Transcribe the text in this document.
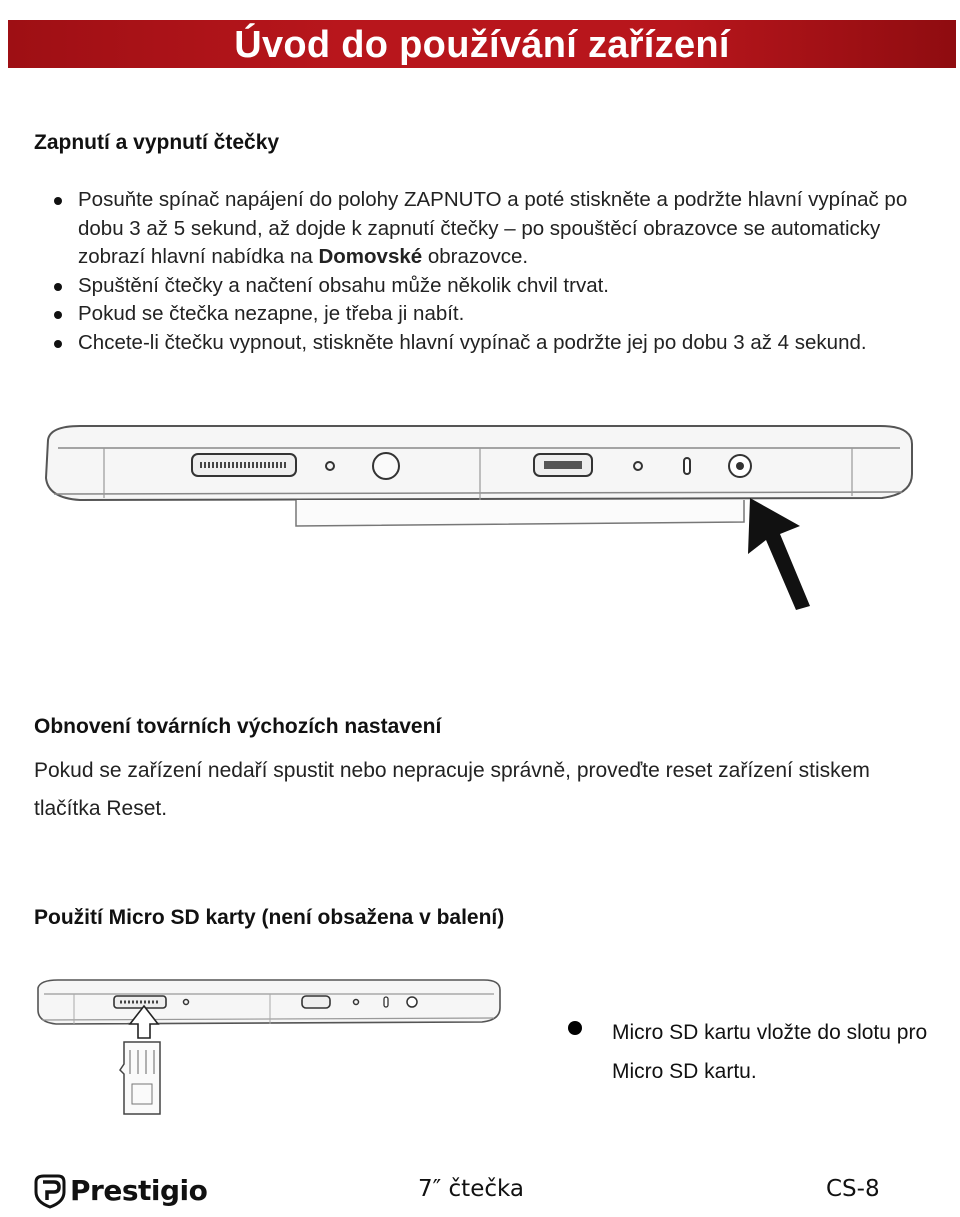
Úvod do používání zařízení
Zapnutí a vypnutí čtečky
Posuňte spínač napájení do polohy ZAPNUTO a poté stiskněte a podržte hlavní vypínač po dobu 3 až 5 sekund, až dojde k zapnutí čtečky – po spouštěcí obrazovce se automaticky zobrazí hlavní nabídka na Domovské obrazovce.
Spuštění čtečky a načtení obsahu může několik chvil trvat.
Pokud se čtečka nezapne, je třeba ji nabít.
Chcete-li čtečku vypnout, stiskněte hlavní vypínač a podržte jej po dobu 3 až 4 sekund.
Obnovení továrních výchozích nastavení
Pokud se zařízení nedaří spustit nebo nepracuje správně, proveďte reset zařízení stiskem tlačítka Reset.
Použití Micro SD karty (není obsažena v balení)
Micro SD kartu vložte do slotu pro Micro SD kartu.
Prestigio	7″ čtečka	CS-8
